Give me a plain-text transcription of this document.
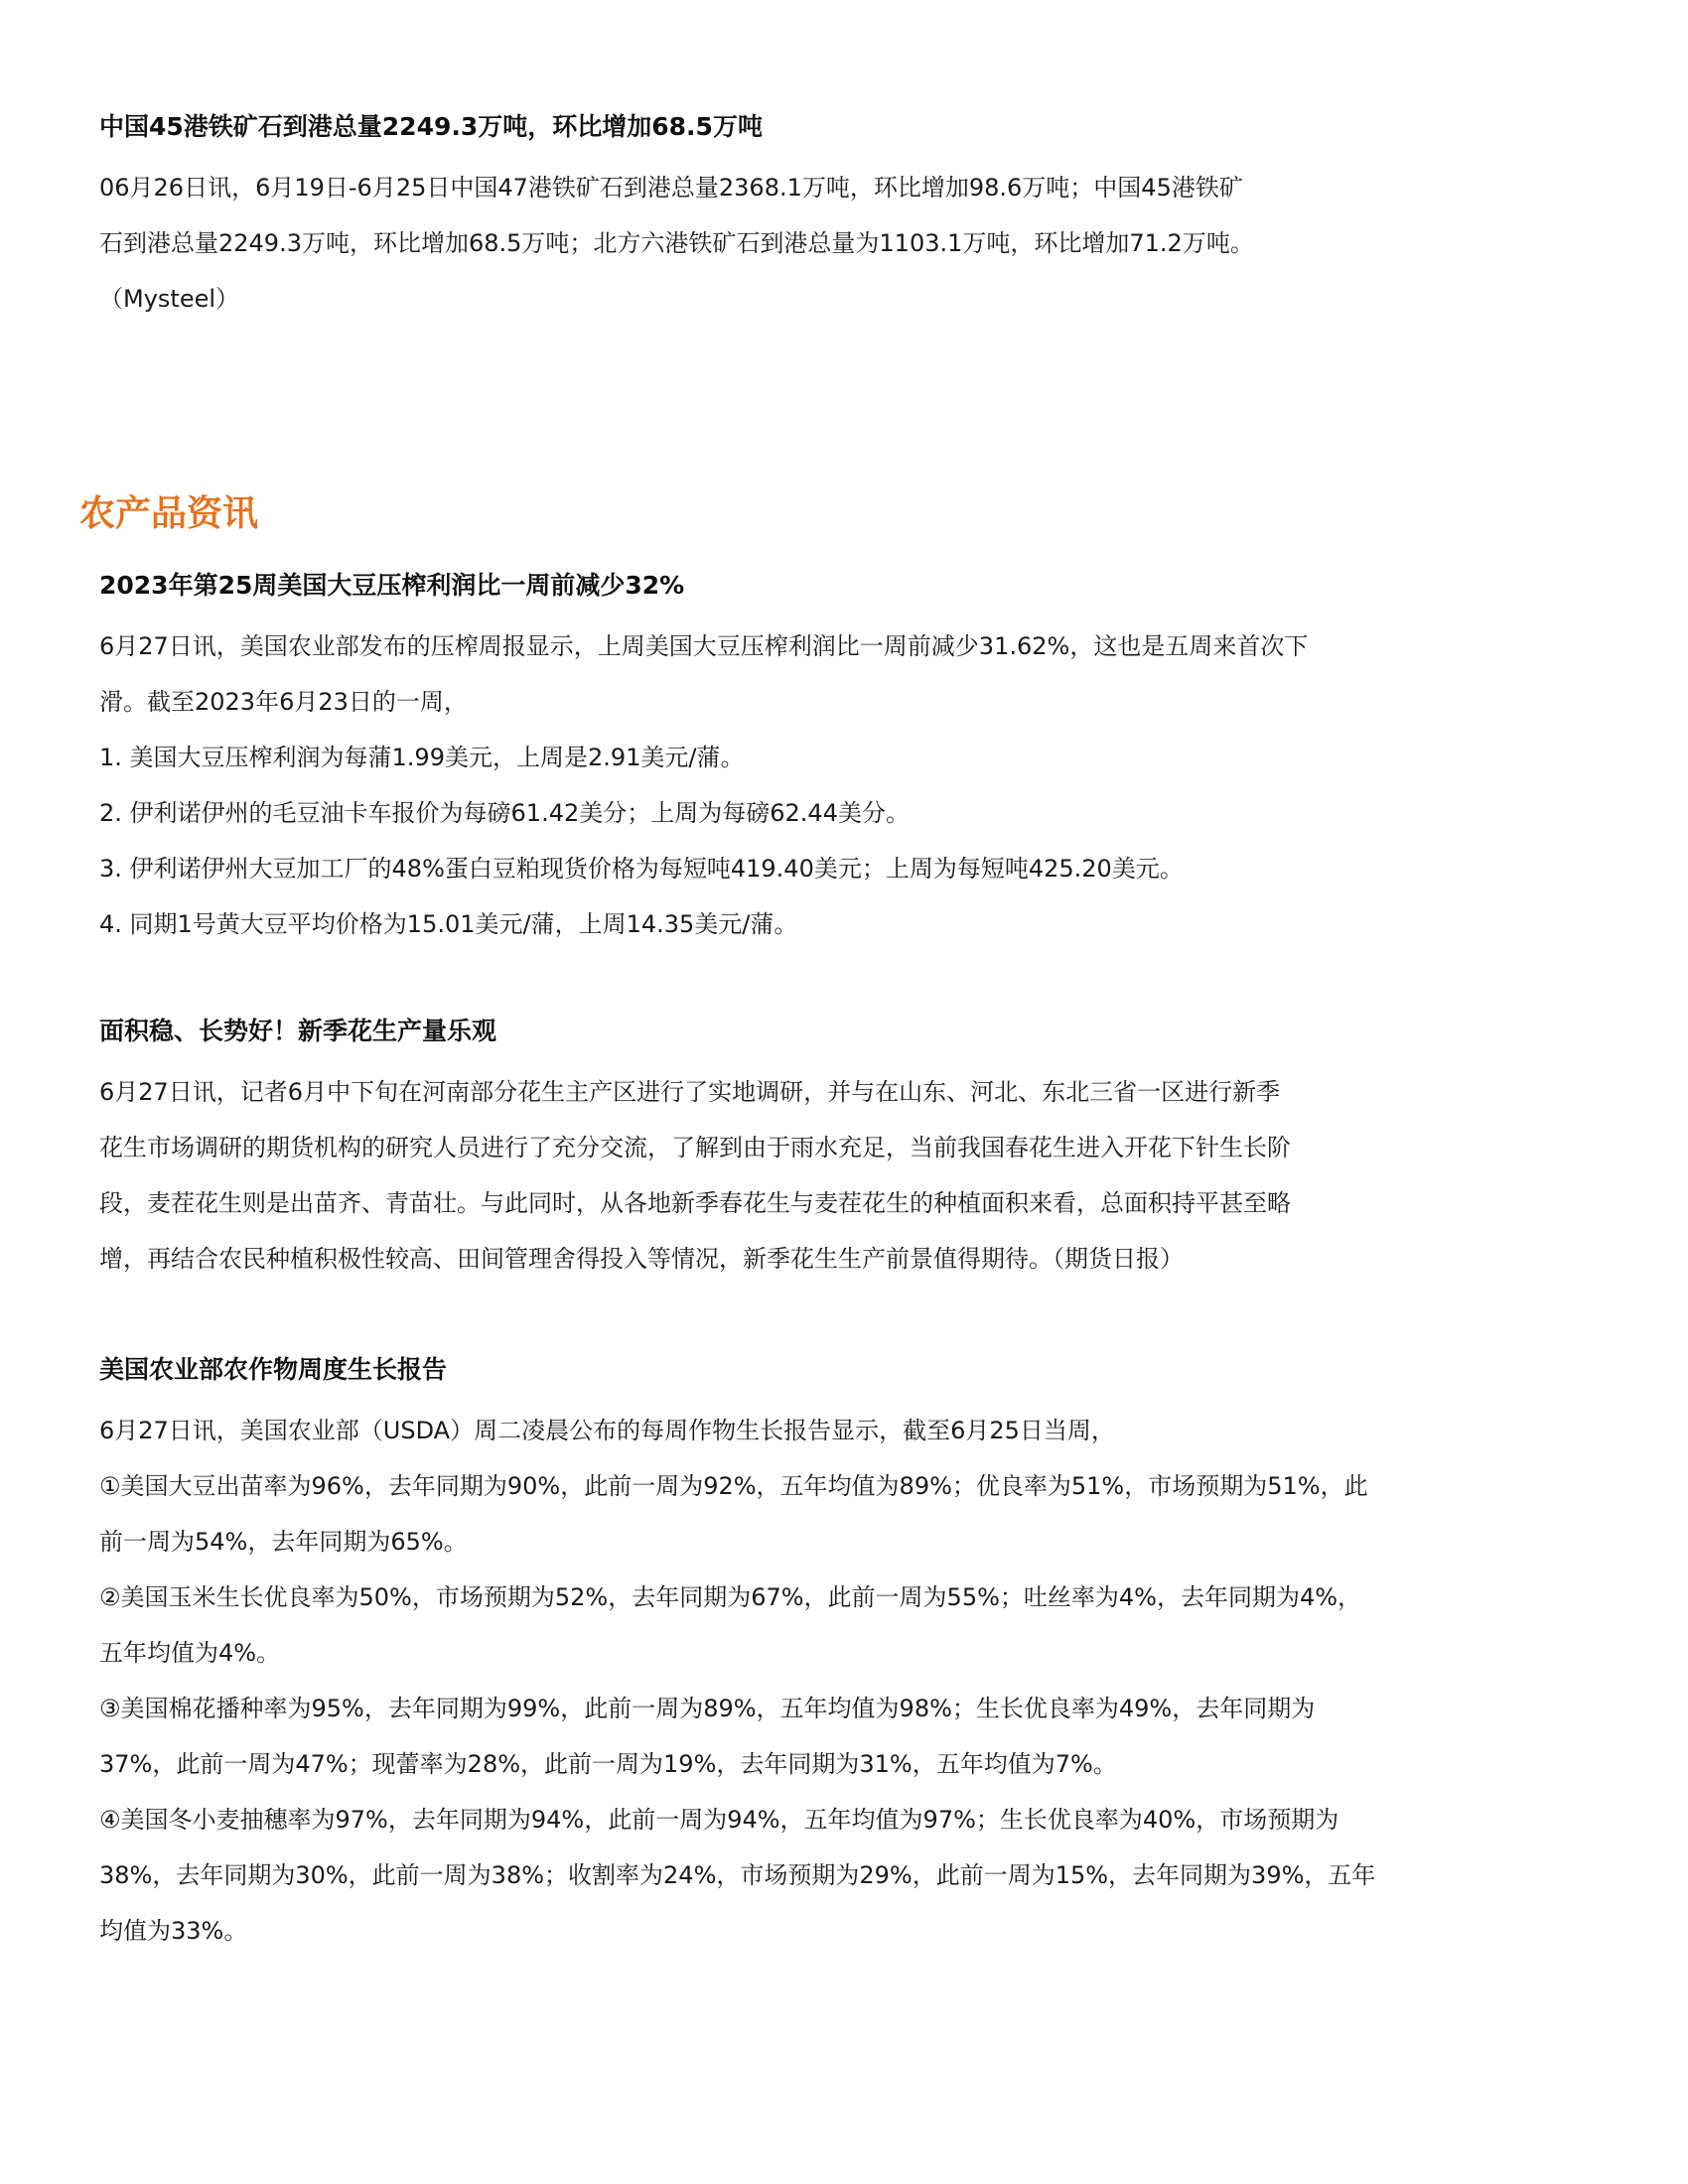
中国45港铁矿石到港总量2249.3万吨，环比增加68.5万吨
06月26日讯，6月19日-6月25日中国47港铁矿石到港总量2368.1万吨，环比增加98.6万吨；中国45港铁矿
石到港总量2249.3万吨，环比增加68.5万吨；北方六港铁矿石到港总量为1103.1万吨，环比增加71.2万吨。
（Mysteel）
农产品资讯
2023年第25周美国大豆压榨利润比一周前减少32%
6月27日讯，美国农业部发布的压榨周报显示，上周美国大豆压榨利润比一周前减少31.62%，这也是五周来首次下
滑。截至2023年6月23日的一周，
1. 美国大豆压榨利润为每蒲1.99美元，上周是2.91美元/蒲。
2. 伊利诺伊州的毛豆油卡车报价为每磅61.42美分；上周为每磅62.44美分。
3. 伊利诺伊州大豆加工厂的48%蛋白豆粕现货价格为每短吨419.40美元；上周为每短吨425.20美元。
4. 同期1号黄大豆平均价格为15.01美元/蒲，上周14.35美元/蒲。
面积稳、长势好！新季花生产量乐观
6月27日讯，记者6月中下旬在河南部分花生主产区进行了实地调研，并与在山东、河北、东北三省一区进行新季
花生市场调研的期货机构的研究人员进行了充分交流，了解到由于雨水充足，当前我国春花生进入开花下针生长阶
段，麦茬花生则是出苗齐、青苗壮。与此同时，从各地新季春花生与麦茬花生的种植面积来看，总面积持平甚至略
增，再结合农民种植积极性较高、田间管理舍得投入等情况，新季花生生产前景值得期待。（期货日报）
美国农业部农作物周度生长报告
6月27日讯，美国农业部（USDA）周二凌晨公布的每周作物生长报告显示，截至6月25日当周，
①美国大豆出苗率为96%，去年同期为90%，此前一周为92%，五年均值为89%；优良率为51%，市场预期为51%，此
前一周为54%，去年同期为65%。
②美国玉米生长优良率为50%，市场预期为52%，去年同期为67%，此前一周为55%；吐丝率为4%，去年同期为4%，
五年均值为4%。
③美国棉花播种率为95%，去年同期为99%，此前一周为89%，五年均值为98%；生长优良率为49%，去年同期为
37%，此前一周为47%；现蕾率为28%，此前一周为19%，去年同期为31%，五年均值为7%。
④美国冬小麦抽穗率为97%，去年同期为94%，此前一周为94%，五年均值为97%；生长优良率为40%，市场预期为
38%，去年同期为30%，此前一周为38%；收割率为24%，市场预期为29%，此前一周为15%，去年同期为39%，五年
均值为33%。
